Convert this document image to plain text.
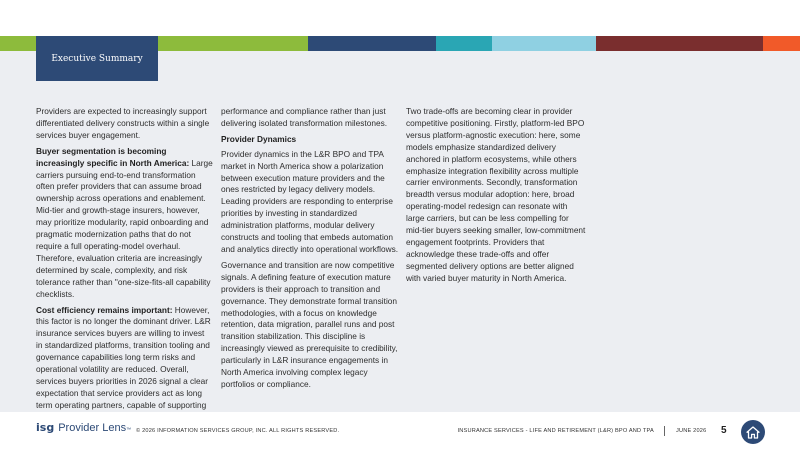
Executive Summary

Providers are expected to increasingly support differentiated delivery constructs within a single services buyer engagement.

Buyer segmentation is becoming increasingly specific in North America: Large carriers pursuing end-to-end transformation often prefer providers that can assume broad ownership across operations and enablement. Mid-tier and growth-stage insurers, however, may prioritize modularity, rapid onboarding and pragmatic modernization paths that do not require a full operating-model overhaul. Therefore, evaluation criteria are increasingly determined by scale, complexity, and risk tolerance rather than "one-size-fits-all capability checklists.

Cost efficiency remains important: However, this factor is no longer the dominant driver. L&R insurance services buyers are willing to invest in standardized platforms, transition tooling and governance capabilities long term risks and operational volatility are reduced. Overall, services buyers priorities in 2026 signal a clear expectation that service providers act as long term operating partners, capable of supporting

performance and compliance rather than just delivering isolated transformation milestones.

Provider Dynamics

Provider dynamics in the L&R BPO and TPA market in North America show a polarization between execution mature providers and the ones restricted by legacy delivery models. Leading providers are responding to enterprise priorities by investing in standardized administration platforms, modular delivery constructs and tooling that embeds automation and analytics directly into operational workflows.

Governance and transition are now competitive signals. A defining feature of execution mature providers is their approach to transition and governance. They demonstrate formal transition methodologies, with a focus on knowledge retention, data migration, parallel runs and post transition stabilization. This discipline is increasingly viewed as prerequisite to credibility, particularly in L&R insurance engagements in North America involving complex legacy portfolios or compliance.

Two trade-offs are becoming clear in provider competitive positioning. Firstly, platform-led BPO versus platform-agnostic execution: here, some models emphasize standardized delivery anchored in platform ecosystems, while others emphasize integration flexibility across multiple carrier environments. Secondly, transformation breadth versus modular adoption: here, broad operating-model redesign can resonate with large carriers, but can be less compelling for mid-tier buyers seeking smaller, low-commitment engagement footprints. Providers that acknowledge these trade-offs and offer segmented delivery options are better aligned with varied buyer maturity in North America.

isg Provider Lens ™ © 2026 INFORMATION SERVICES GROUP, INC. ALL RIGHTS RESERVED.	INSURANCE SERVICES - LIFE AND RETIREMENT (L&R) BPO AND TPA	JUNE 2026 5
